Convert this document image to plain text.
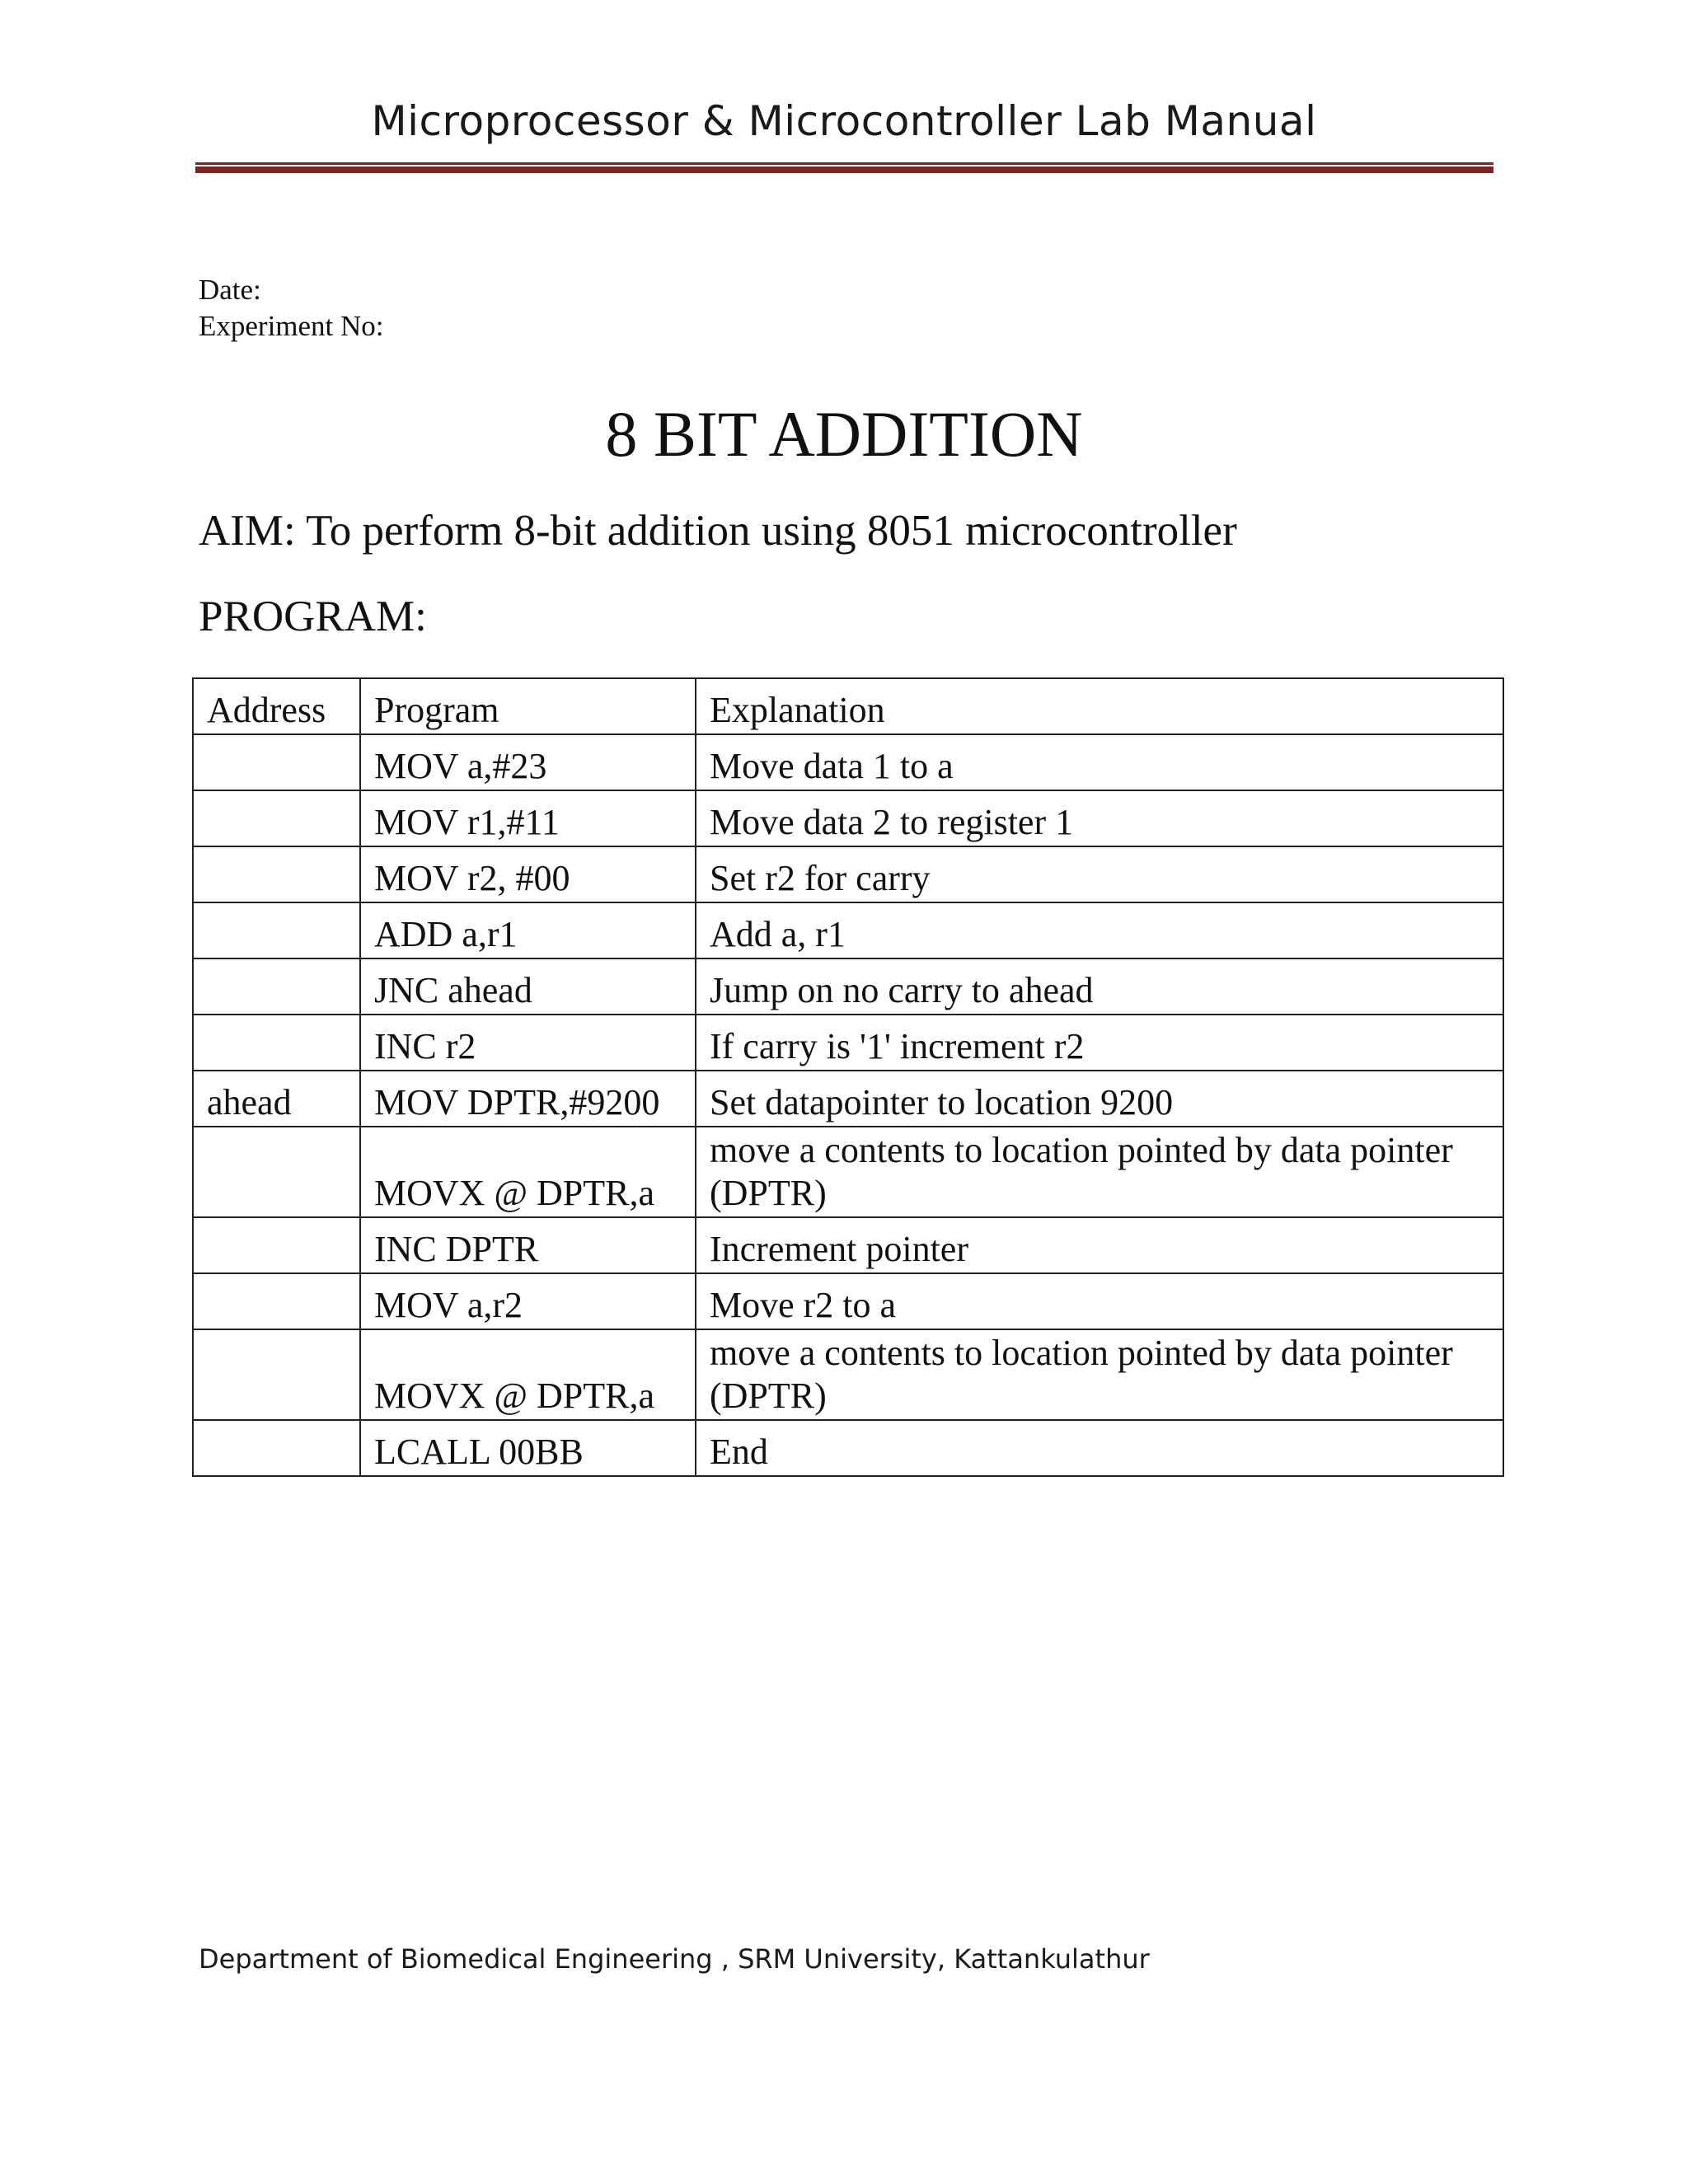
Microprocessor & Microcontroller Lab Manual
Date:
Experiment No:
8 BIT ADDITION
AIM: To perform 8-bit addition using 8051 microcontroller
PROGRAM:
Address	Program	Explanation
	MOV a,#23	Move data 1 to a
	MOV r1,#11	Move data 2 to register 1
	MOV r2, #00	Set r2 for carry
	ADD a,r1	Add a, r1
	JNC ahead	Jump on no carry to ahead
	INC r2	If carry is '1' increment r2
ahead	MOV DPTR,#9200	Set datapointer to location 9200
	MOVX @ DPTR,a	move a contents to location pointed by data pointer (DPTR)
	INC DPTR	Increment pointer
	MOV a,r2	Move r2 to a
	MOVX @ DPTR,a	move a contents to location pointed by data pointer (DPTR)
	LCALL 00BB	End
Department of Biomedical Engineering , SRM University, Kattankulathur
